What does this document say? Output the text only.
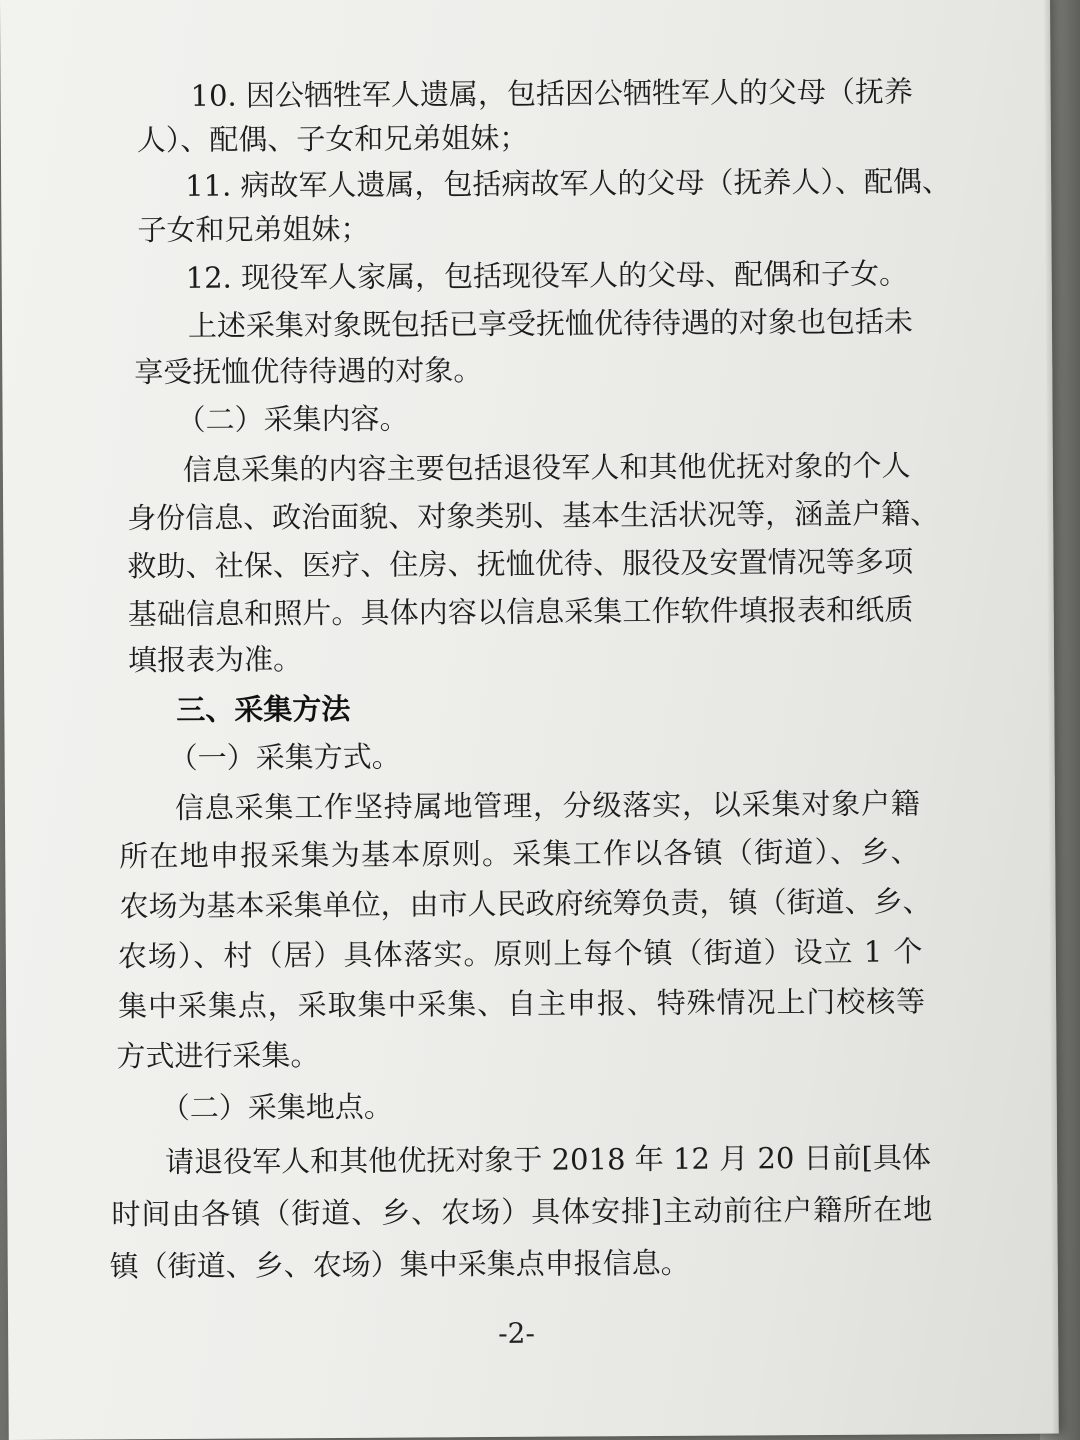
10. 因公牺牲军人遗属，包括因公牺牲军人的父母（抚养
人）、配偶、子女和兄弟姐妹；
11. 病故军人遗属，包括病故军人的父母（抚养人）、配偶、
子女和兄弟姐妹；
12. 现役军人家属，包括现役军人的父母、配偶和子女。
上述采集对象既包括已享受抚恤优待待遇的对象也包括未
享受抚恤优待待遇的对象。
（二）采集内容。
信息采集的内容主要包括退役军人和其他优抚对象的个人
身份信息、政治面貌、对象类别、基本生活状况等，涵盖户籍、
救助、社保、医疗、住房、抚恤优待、服役及安置情况等多项
基础信息和照片。具体内容以信息采集工作软件填报表和纸质
填报表为准。
三、采集方法
（一）采集方式。
信息采集工作坚持属地管理，分级落实，以采集对象户籍
所在地申报采集为基本原则。采集工作以各镇（街道）、乡、
农场为基本采集单位，由市人民政府统筹负责，镇（街道、乡、
农场）、村（居）具体落实。原则上每个镇（街道）设立 1 个
集中采集点，采取集中采集、自主申报、特殊情况上门校核等
方式进行采集。
（二）采集地点。
请退役军人和其他优抚对象于 2018 年 12 月 20 日前[具体
时间由各镇（街道、乡、农场）具体安排]主动前往户籍所在地
镇（街道、乡、农场）集中采集点申报信息。
-2-
